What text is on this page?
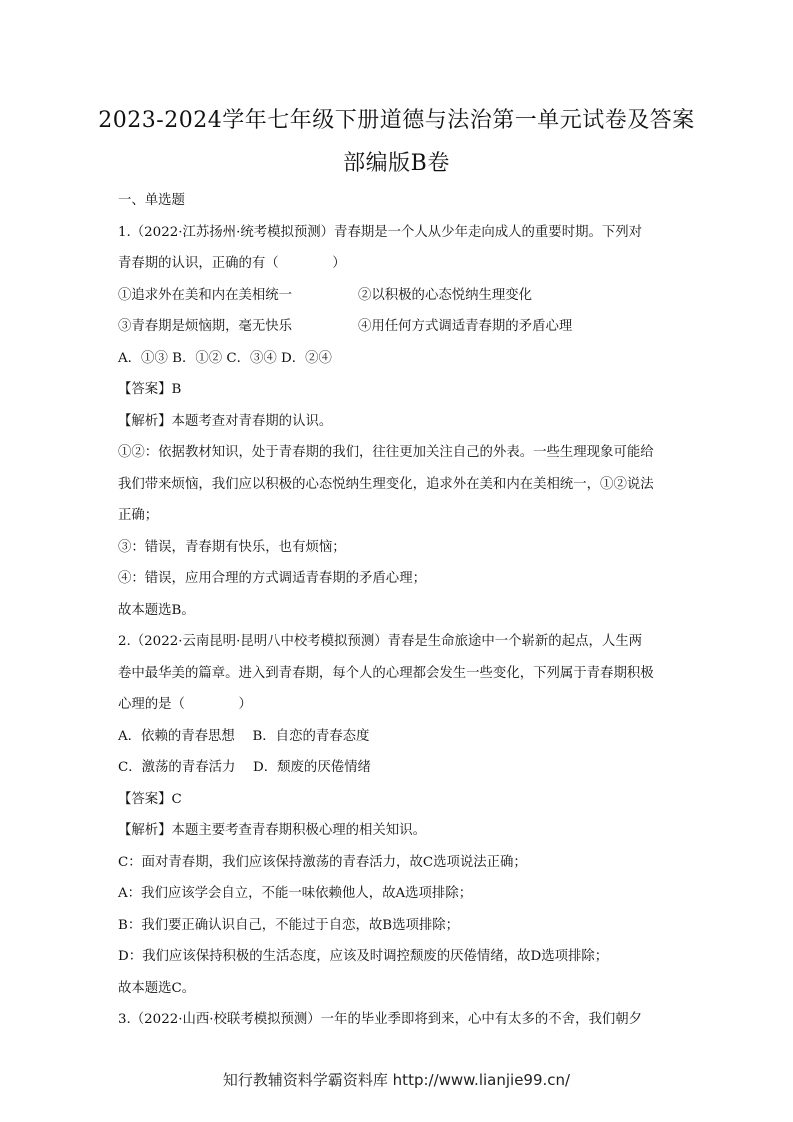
2023-2024学年七年级下册道德与法治第一单元试卷及答案
部编版B卷
一、单选题
1.（2022·江苏扬州·统考模拟预测）青春期是一个人从少年走向成人的重要时期。下列对
青春期的认识，正确的有（　　　　）
①追求外在美和内在美相统一	②以积极的心态悦纳生理变化
③青春期是烦恼期，毫无快乐	④用任何方式调适青春期的矛盾心理
A．①③ B．①② C．③④ D．②④
【答案】B
【解析】本题考查对青春期的认识。
①②：依据教材知识，处于青春期的我们，往往更加关注自己的外表。一些生理现象可能给
我们带来烦恼，我们应以积极的心态悦纳生理变化，追求外在美和内在美相统一，①②说法
正确；
③：错误，青春期有快乐，也有烦恼；
④：错误，应用合理的方式调适青春期的矛盾心理；
故本题选B。
2.（2022·云南昆明·昆明八中校考模拟预测）青春是生命旅途中一个崭新的起点，人生两
卷中最华美的篇章。进入到青春期，每个人的心理都会发生一些变化，下列属于青春期积极
心理的是（　　　　）
A．依赖的青春思想　 B．自恋的青春态度
C．激荡的青春活力　 D．颓废的厌倦情绪
【答案】C
【解析】本题主要考查青春期积极心理的相关知识。
C：面对青春期，我们应该保持激荡的青春活力，故C选项说法正确；
A：我们应该学会自立，不能一味依赖他人，故A选项排除；
B：我们要正确认识自己，不能过于自恋，故B选项排除；
D：我们应该保持积极的生活态度，应该及时调控颓废的厌倦情绪，故D选项排除；
故本题选C。
3.（2022·山西·校联考模拟预测）一年的毕业季即将到来，心中有太多的不舍，我们朝夕
知行教辅资料学霸资料库 http://www.lianjie99.cn/
